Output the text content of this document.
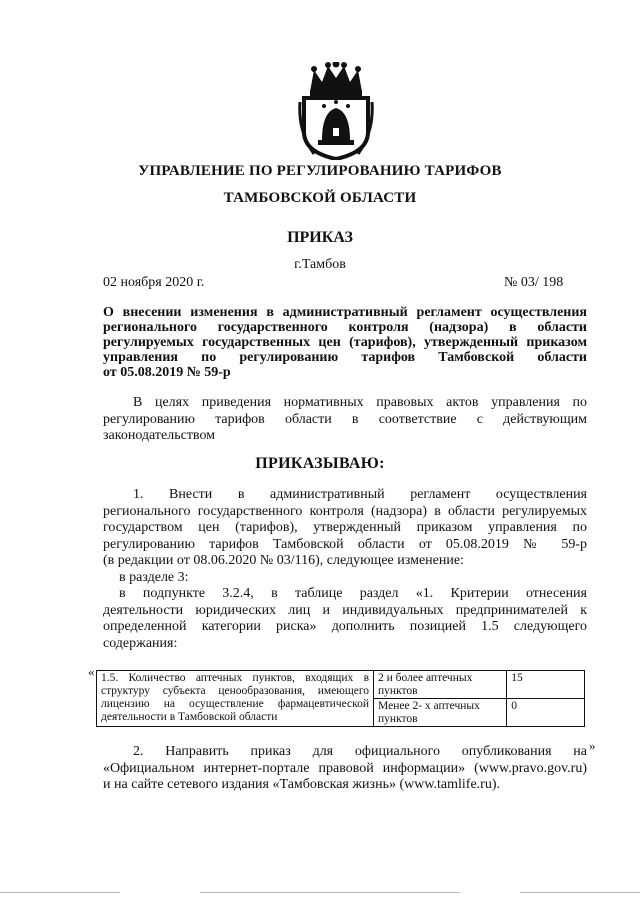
УПРАВЛЕНИЕ ПО РЕГУЛИРОВАНИЮ ТАРИФОВ
ТАМБОВСКОЙ ОБЛАСТИ
ПРИКАЗ
г.Тамбов
02 ноября 2020 г.	№ 03/ 198
О внесении изменения в административный регламент осуществления
регионального государственного контроля (надзора) в области
регулируемых государственных цен (тарифов), утвержденный приказом
управления по регулированию тарифов Тамбовской области
от 05.08.2019 № 59-р
В целях приведения нормативных правовых актов управления по
регулированию тарифов области в соответствие с действующим
законодательством
ПРИКАЗЫВАЮ:
1. Внести в административный регламент осуществления
регионального государственного контроля (надзора) в области регулируемых
государством цен (тарифов), утвержденный приказом управления по
регулированию тарифов Тамбовской области от 05.08.2019 № 59-р
(в редакции от 08.06.2020 № 03/116), следующее изменение:
в разделе 3:
в подпункте 3.2.4, в таблице раздел «1. Критерии отнесения
деятельности юридических лиц и индивидуальных предпринимателей к
определенной категории риска» дополнить позицией 1.5 следующего
содержания:
« 1.5. Количество аптечных пунктов, входящих в структуру субъекта ценообразования, имеющего лицензию на осуществление фармацевтической деятельности в Тамбовской области	2 и более аптечных пунктов	15
	Менее 2- х аптечных пунктов	0
»
2. Направить приказ для официального опубликования на
«Официальном интернет-портале правовой информации» (www.pravo.gov.ru)
и на сайте сетевого издания «Тамбовская жизнь» (www.tamlife.ru).
